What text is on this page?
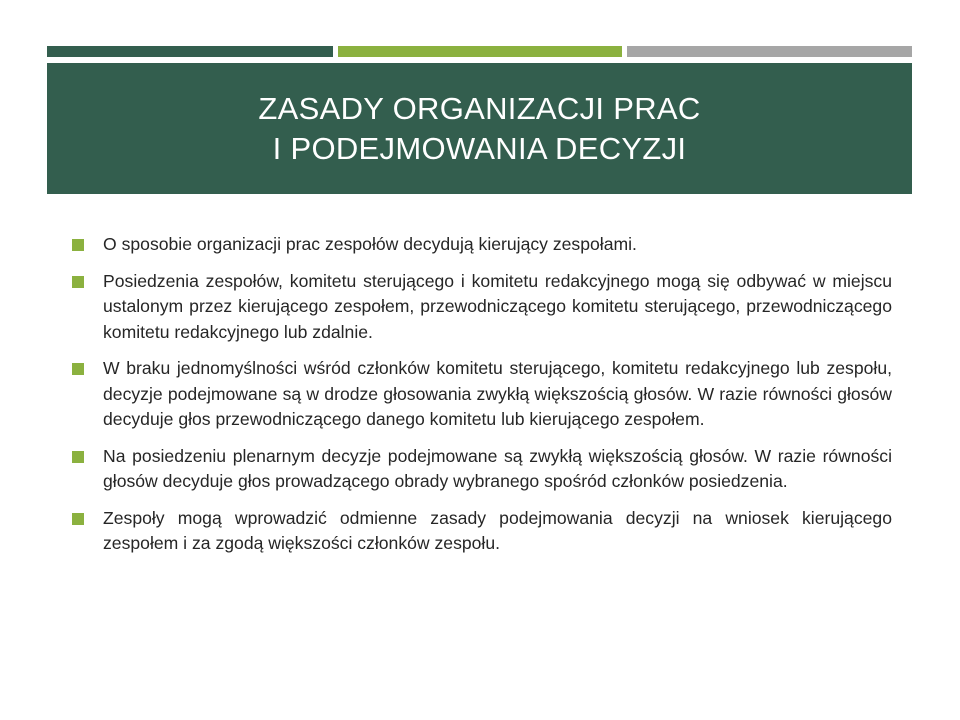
ZASADY ORGANIZACJI PRAC
I PODEJMOWANIA DECYZJI
O sposobie organizacji prac zespołów decydują kierujący zespołami.
Posiedzenia zespołów, komitetu sterującego i komitetu redakcyjnego mogą się odbywać w miejscu ustalonym przez kierującego zespołem, przewodniczącego komitetu sterującego, przewodniczącego komitetu redakcyjnego lub zdalnie.
W braku jednomyślności wśród członków komitetu sterującego, komitetu redakcyjnego lub zespołu, decyzje podejmowane są w drodze głosowania zwykłą większością głosów. W razie równości głosów decyduje głos przewodniczącego danego komitetu lub kierującego zespołem.
Na posiedzeniu plenarnym decyzje podejmowane są zwykłą większością głosów. W razie równości głosów decyduje głos prowadzącego obrady wybranego spośród członków posiedzenia.
Zespoły mogą wprowadzić odmienne zasady podejmowania decyzji na wniosek kierującego zespołem i za zgodą większości członków zespołu.
